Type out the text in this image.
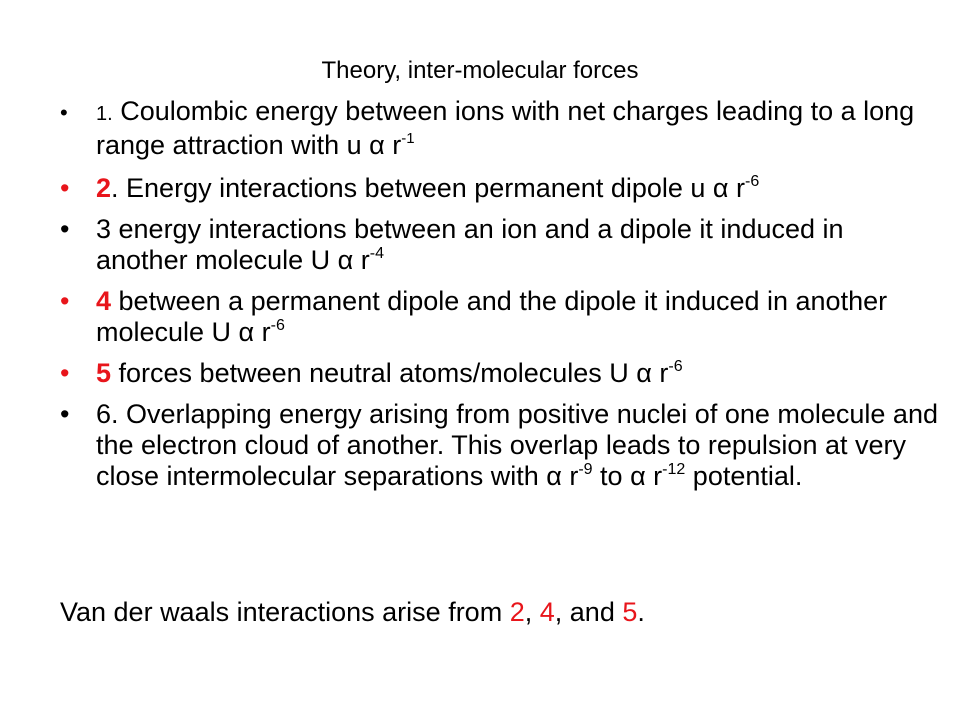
Theory, inter-molecular forces
•	1. Coulombic energy between ions with net charges leading to a long range attraction with u α $r^{-1}$
• 2. Energy interactions between permanent dipole u α $r^{-6}$
• 3 energy interactions between an ion and a dipole it induced in another molecule U α $r^{-4}$
• 4 between a permanent dipole and the dipole it induced in another molecule U α $r^{-6}$
• 5 forces between neutral atoms/molecules U α $r^{-6}$
• 6. Overlapping energy arising from positive nuclei of one molecule and the electron cloud of another. This overlap leads to repulsion at very close intermolecular separations with α $r^{-9}$ to α $r^{-12}$ potential.
Van der waals interactions arise from 2, 4, and 5.
